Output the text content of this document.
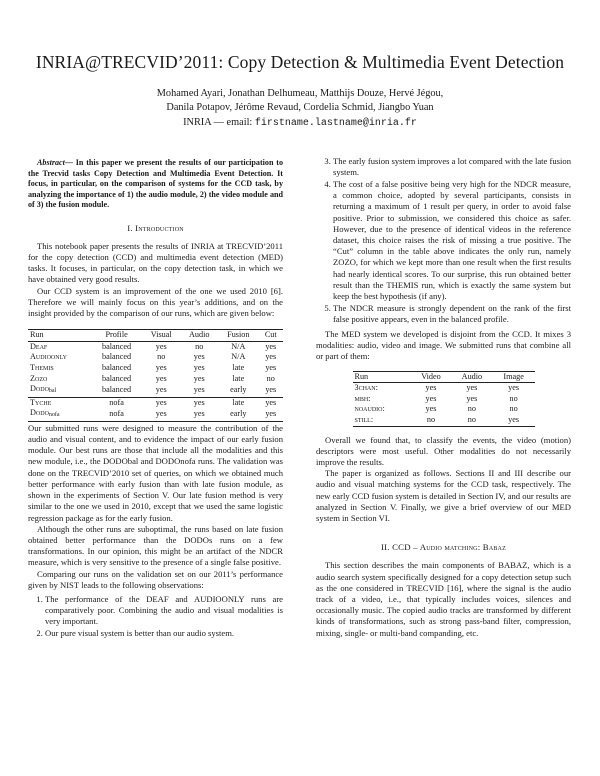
INRIA@TRECVID’2011: Copy Detection & Multimedia Event Detection
Mohamed Ayari, Jonathan Delhumeau, Matthijs Douze, Hervé Jégou,
Danila Potapov, Jérôme Revaud, Cordelia Schmid, Jiangbo Yuan
INRIA — email: firstname.lastname@inria.fr

Abstract— In this paper we present the results of our participation to the Trecvid tasks Copy Detection and Multimedia Event Detection. It focus, in particular, on the comparison of systems for the CCD task, by analyzing the importance of 1) the audio module, 2) the video module and of 3) the fusion module.

I. Introduction

This notebook paper presents the results of INRIA at TRECVID’2011 for the copy detection (CCD) and multimedia event detection (MED) tasks. It focuses, in particular, on the copy detection task, in which we have obtained very good results.

Our CCD system is an improvement of the one we used 2010 [6]. Therefore we will mainly focus on this year’s additions, and on the insight provided by the comparison of our runs, which are given below:

Run	Profile	Visual	Audio	Fusion	Cut
Deaf	balanced	yes	no	N/A	yes
Audioonly	balanced	no	yes	N/A	yes
Themis	balanced	yes	yes	late	yes
Zozo	balanced	yes	yes	late	no
Dodo$_{bal}$	balanced	yes	yes	early	yes
Tyche	nofa	yes	yes	late	yes
Dodo$_{nofa}$	nofa	yes	yes	early	yes

Our submitted runs were designed to measure the contribution of the audio and visual content, and to evidence the impact of our early fusion module. Our best runs are those that include all the modalities and this new module, i.e., the DODObal and DODOnofa runs. The validation was done on the TRECVID’2010 set of queries, on which we obtained much better performance with early fusion than with late fusion module, as shown in the experiments of Section V. Our late fusion method is very similar to the one we used in 2010, except that we used the same logistic regression package as for the early fusion.

Although the other runs are suboptimal, the runs based on late fusion obtained better performance than the DODOs runs on a few transformations. In our opinion, this might be an artifact of the NDCR measure, which is very sensitive to the presence of a single false positive.

Comparing our runs on the validation set on our 2011’s performance given by NIST leads to the following observations:

1. The performance of the DEAF and AUDIOONLY runs are comparatively poor. Combining the audio and visual modalities is very important.
2. Our pure visual system is better than our audio system.
3. The early fusion system improves a lot compared with the late fusion system.
4. The cost of a false positive being very high for the NDCR measure, a common choice, adopted by several participants, consists in returning a maximum of 1 result per query, in order to avoid false positive. Prior to submission, we considered this choice as safer. However, due to the presence of identical videos in the reference dataset, this choice raises the risk of missing a true positive. The “Cut” column in the table above indicates the only run, namely ZOZO, for which we kept more than one result when the first results had nearly identical scores. To our surprise, this run obtained better result than the THEMIS run, which is exactly the same system but keep the best hypothesis (if any).
5. The NDCR measure is strongly dependent on the rank of the first false positive appears, even in the balanced profile.

The MED system we developed is disjoint from the CCD. It mixes 3 modalities: audio, video and image. We submitted runs that combine all or part of them:

Run	Video	Audio	Image
3chan:	yes	yes	yes
mbh:	yes	yes	no
noaudio:	yes	no	no
still:	no	no	yes

Overall we found that, to classify the events, the video (motion) descriptors were most useful. Other modalities do not necessarily improve the results.

The paper is organized as follows. Sections II and III describe our audio and visual matching systems for the CCD task, respectively. The new early CCD fusion system is detailed in Section IV, and our results are analyzed in Section V. Finally, we give a brief overview of our MED system in Section VI.

II. CCD – Audio matching: Babaz

This section describes the main components of BABAZ, which is a audio search system specifically designed for a copy detection setup such as the one considered in TRECVID [16], where the signal is the audio track of a video, i.e., that typically includes voices, silences and occasionally music. The copied audio tracks are transformed by different kinds of transformations, such as strong pass-band filter, compression, mixing, single- or multi-band companding, etc.
